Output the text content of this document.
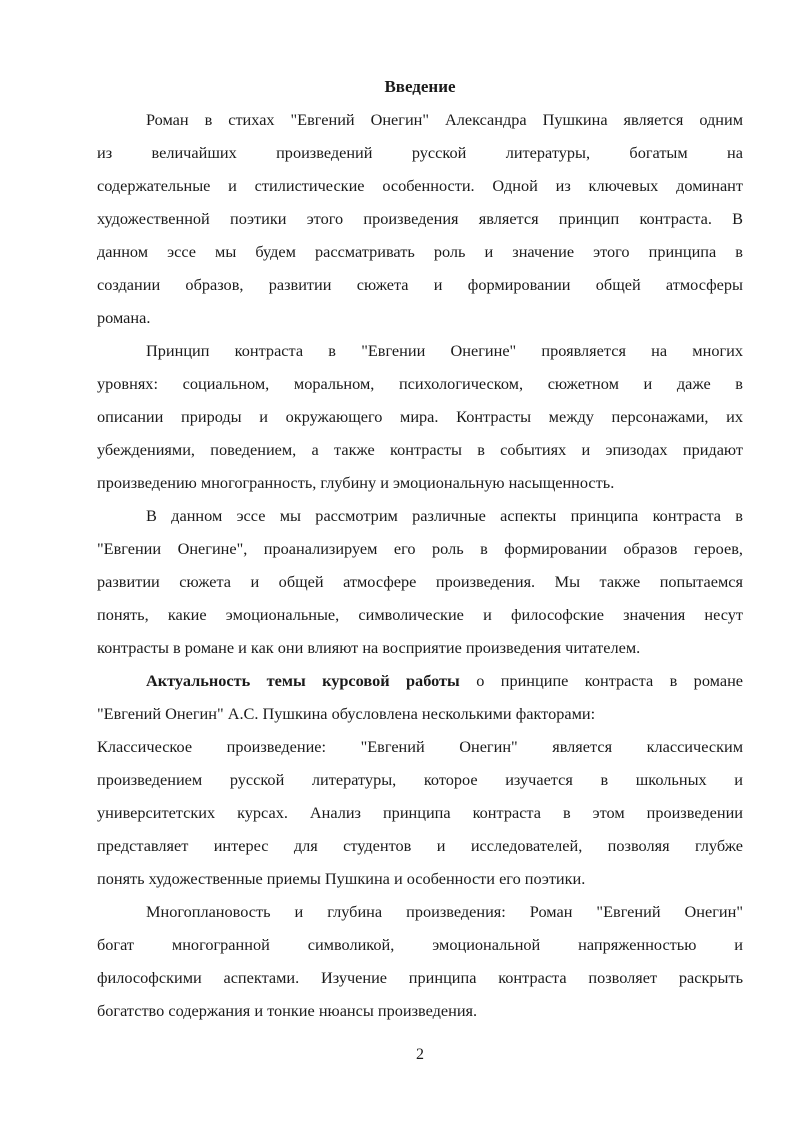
Введение
Роман в стихах "Евгений Онегин" Александра Пушкина является одним
из величайших произведений русской литературы, богатым на
содержательные и стилистические особенности. Одной из ключевых доминант
художественной поэтики этого произведения является принцип контраста. В
данном эссе мы будем рассматривать роль и значение этого принципа в
создании образов, развитии сюжета и формировании общей атмосферы
романа.
Принцип контраста в "Евгении Онегине" проявляется на многих
уровнях: социальном, моральном, психологическом, сюжетном и даже в
описании природы и окружающего мира. Контрасты между персонажами, их
убеждениями, поведением, а также контрасты в событиях и эпизодах придают
произведению многогранность, глубину и эмоциональную насыщенность.
В данном эссе мы рассмотрим различные аспекты принципа контраста в
"Евгении Онегине", проанализируем его роль в формировании образов героев,
развитии сюжета и общей атмосфере произведения. Мы также попытаемся
понять, какие эмоциональные, символические и философские значения несут
контрасты в романе и как они влияют на восприятие произведения читателем.
Актуальность темы курсовой работы о принципе контраста в романе
"Евгений Онегин" А.С. Пушкина обусловлена несколькими факторами:
Классическое произведение: "Евгений Онегин" является классическим
произведением русской литературы, которое изучается в школьных и
университетских курсах. Анализ принципа контраста в этом произведении
представляет интерес для студентов и исследователей, позволяя глубже
понять художественные приемы Пушкина и особенности его поэтики.
Многоплановость и глубина произведения: Роман "Евгений Онегин"
богат многогранной символикой, эмоциональной напряженностью и
философскими аспектами. Изучение принципа контраста позволяет раскрыть
богатство содержания и тонкие нюансы произведения.
2
